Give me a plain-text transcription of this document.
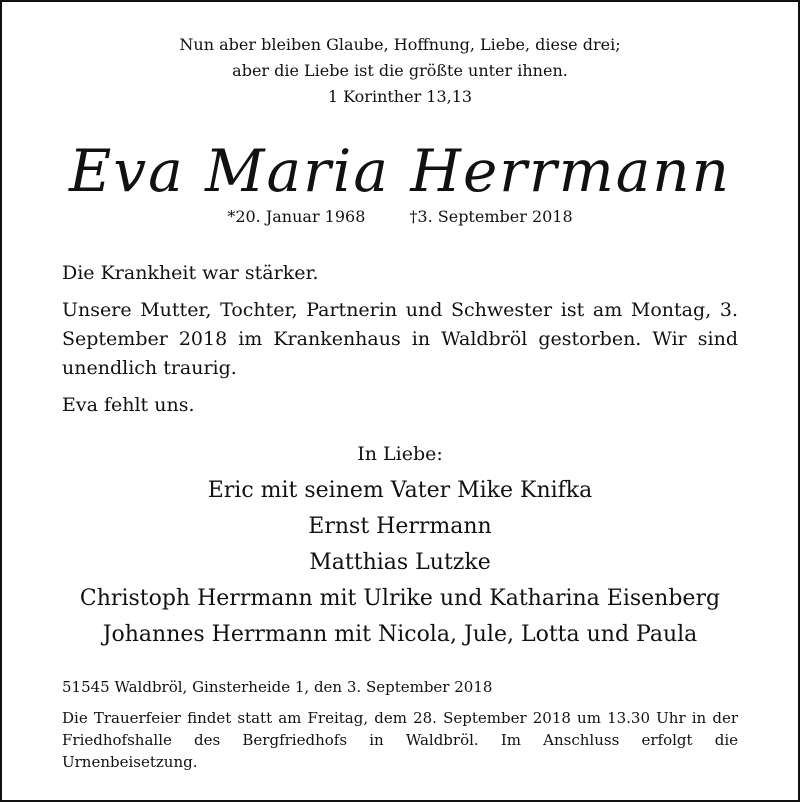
Nun aber bleiben Glaube, Hoffnung, Liebe, diese drei;
aber die Liebe ist die größte unter ihnen.
1 Korinther 13,13
Eva Maria Herrmann
*20. Januar 1968	†3. September 2018

Die Krankheit war stärker.

Unsere Mutter, Tochter, Partnerin und Schwester ist am Montag, 3. September 2018 im Krankenhaus in Waldbröl gestorben. Wir sind unendlich traurig.

Eva fehlt uns.

In Liebe:
Eric mit seinem Vater Mike Knifka
Ernst Herrmann
Matthias Lutzke
Christoph Herrmann mit Ulrike und Katharina Eisenberg
Johannes Herrmann mit Nicola, Jule, Lotta und Paula
51545 Waldbröl, Ginsterheide 1, den 3. September 2018
Die Trauerfeier findet statt am Freitag, dem 28. September 2018 um 13.30 Uhr in der Friedhofshalle des Bergfriedhofs in Waldbröl. Im Anschluss erfolgt die Urnenbeisetzung.
